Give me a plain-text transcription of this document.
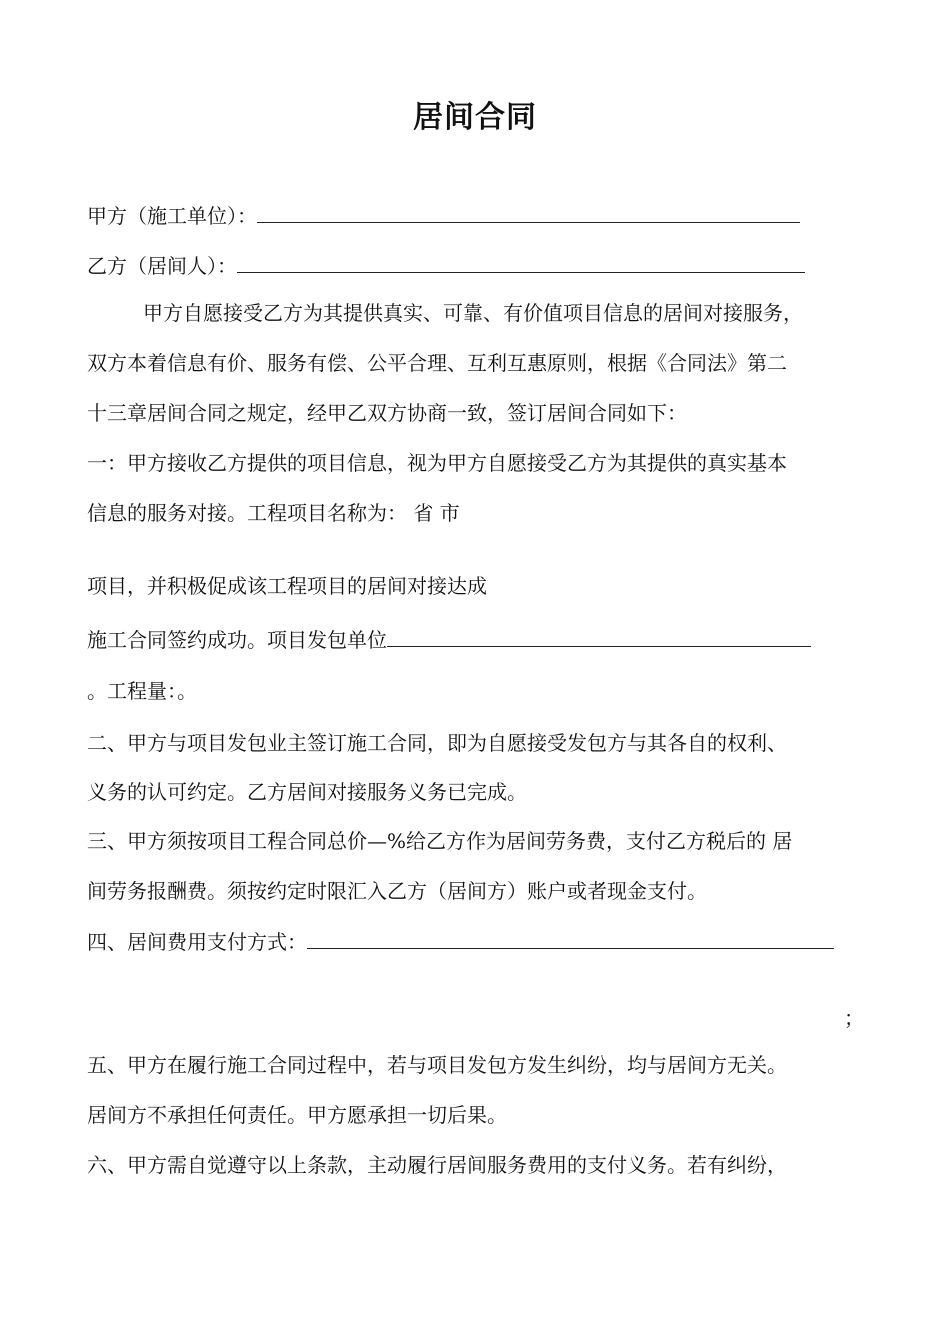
居间合同
甲方（施工单位）：
乙方（居间人）：
甲方自愿接受乙方为其提供真实、可靠、有价值项目信息的居间对接服务，
双方本着信息有价、服务有偿、公平合理、互利互惠原则，根据《合同法》第二
十三章居间合同之规定，经甲乙双方协商一致，签订居间合同如下：
一：甲方接收乙方提供的项目信息，视为甲方自愿接受乙方为其提供的真实基本
信息的服务对接。工程项目名称为： 省 市
项目，并积极促成该工程项目的居间对接达成
施工合同签约成功。项目发包单位
。工程量：。
二、甲方与项目发包业主签订施工合同，即为自愿接受发包方与其各自的权利、
义务的认可约定。乙方居间对接服务义务已完成。
三、甲方须按项目工程合同总价—%给乙方作为居间劳务费，支付乙方税后的 居
间劳务报酬费。须按约定时限汇入乙方（居间方）账户或者现金支付。
四、居间费用支付方式：
；
五、甲方在履行施工合同过程中，若与项目发包方发生纠纷，均与居间方无关。
居间方不承担任何责任。甲方愿承担一切后果。
六、甲方需自觉遵守以上条款，主动履行居间服务费用的支付义务。若有纠纷，
